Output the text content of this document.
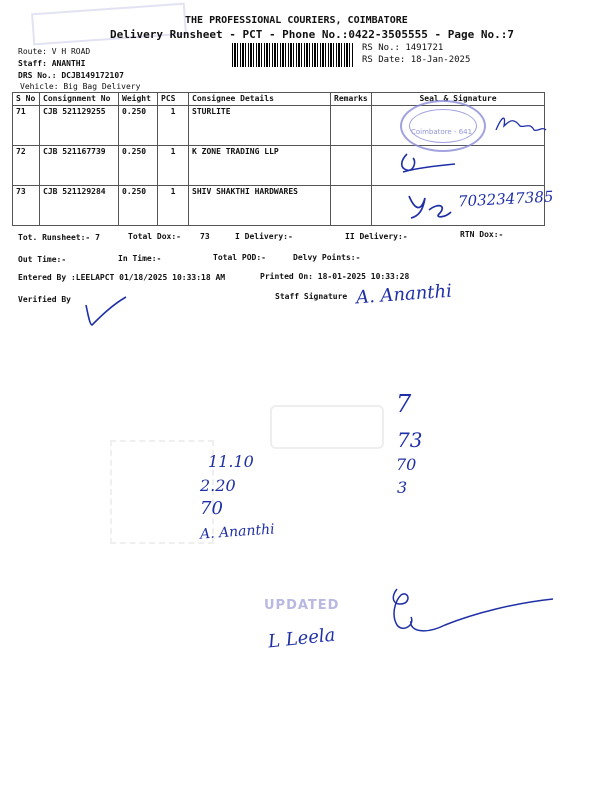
THE PROFESSIONAL COURIERS, COIMBATORE
Delivery Runsheet - PCT - Phone No.:0422-3505555 - Page No.:7
RS No.: 1491721
RS Date: 18-Jan-2025
Route: V H ROAD
Staff: ANANTHI
DRS No.: DCJB149172107
Vehicle: Big Bag Delivery
S No	Consignment No	Weight	PCS	Consignee Details	Remarks	Seal & Signature
71	CJB 521129255	0.250	1	STURLITE		
72	CJB 521167739	0.250	1	K ZONE TRADING LLP		
73	CJB 521129284	0.250	1	SHIV SHAKTHI HARDWARES		
Coimbatore - 641
7032347385
Tot. Runsheet:- 7	Total Dox:- 73	I Delivery:-	II Delivery:-	RTN Dox:-
Out Time:-	In Time:-	Total POD:-	Delvy Points:-
Entered By :LEELAPCT 01/18/2025 10:33:18 AM	Printed On: 18-01-2025 10:33:28
Verified By	Staff Signature A. Ananthi
7
73
70
3
11.10
2.20
70
A. Ananthi
UPDATED
L Leela
